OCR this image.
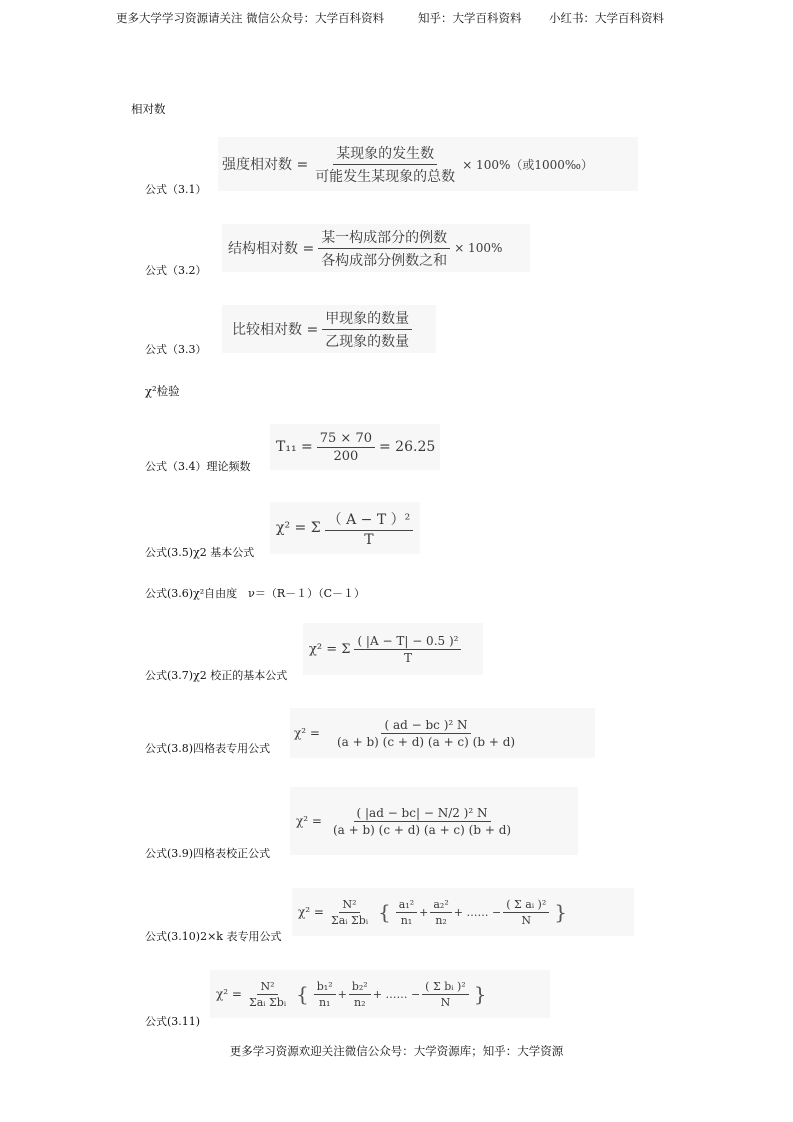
更多大学学习资源请关注 微信公众号：大学百科资料	知乎：大学百科资料 小红书：大学百科资料
相对数
强度相对数 = $\frac{\text{某现象的发生数}}{\text{可能发生某现象的总数}} \times 100\%$（或1000‰）
公式（3.1）
结构相对数 = $\frac{\text{某一构成部分的例数}}{\text{各构成部分例数之和}} \times 100\%$
公式（3.2）
比较相对数 = $\frac{\text{甲现象的数量}}{\text{乙现象的数量}}$
公式（3.3）
χ²检验
$T_{11} = \frac{75 \times 70}{200} = 26.25$
公式（3.4）理论频数
χ² = Σ $\frac{\text{（ A − T ）²}}{T}$
公式(3.5)χ2 基本公式
公式(3.6)χ²自由度　ν＝（R－１）（C－１）
χ² = Σ $\frac{\text{( |A − T| − 0.5 )²}}{T}$
公式(3.7)χ2 校正的基本公式
$\chi^2 = \frac{\text{( ad − bc )² N}}{(a + b) (c + d) (a + c) (b + d)}$
公式(3.8)四格表专用公式
$\chi^2 = \frac{\text{( |ad − bc| − N/2 )² N}}{(a + b) (c + d) (a + c) (b + d)}$
公式(3.9)四格表校正公式
$\chi^2 = \frac{\text{N²}}{\text{Σaᵢ Σbᵢ}}$ { $\frac{\text{a₁²}}{\text{n₁}} + \frac{\text{a₂²}}{\text{n₂}}$ + …… − $\frac{\text{( Σ aᵢ )²}}{N}$ }
公式(3.10)2×k 表专用公式
$\chi^2 = \frac{\text{N²}}{\text{Σaᵢ Σbᵢ}}$ { $\frac{\text{b₁²}}{\text{n₁}} + \frac{\text{b₂²}}{\text{n₂}}$ + …… − $\frac{\text{( Σ bᵢ )²}}{N}$ }
公式(3.11)
更多学习资源欢迎关注微信公众号：大学资源库；知乎：大学资源
